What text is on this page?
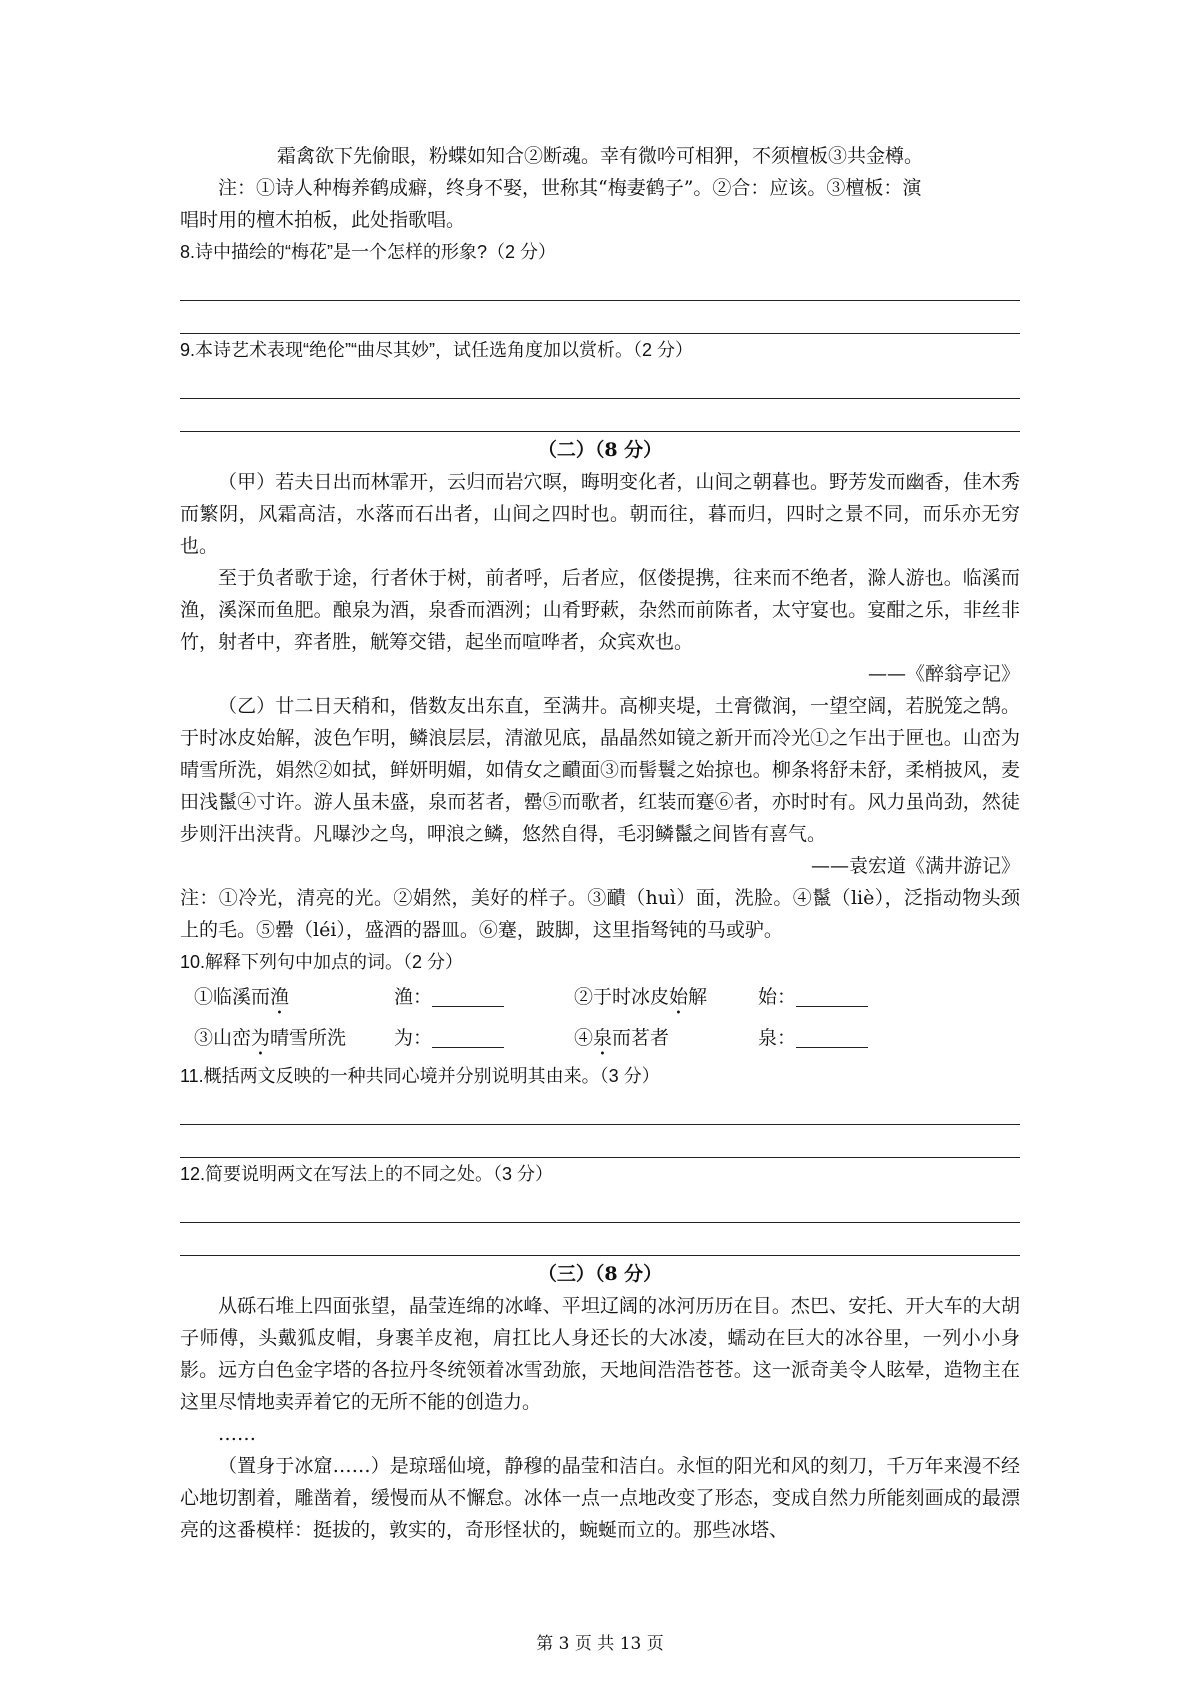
霜禽欲下先偷眼，粉蝶如知合②断魂。幸有微吟可相狎，不须檀板③共金樽。

注：①诗人种梅养鹤成癖，终身不娶，世称其“梅妻鹤子”。②合：应该。③檀板：演

唱时用的檀木拍板，此处指歌唱。

8.诗中描绘的“梅花”是一个怎样的形象?（2 分）

9.本诗艺术表现“绝伦”“曲尽其妙”，试任选角度加以赏析。（2 分）

（二）（8 分）

（甲）若夫日出而林霏开，云归而岩穴暝，晦明变化者，山间之朝暮也。野芳发而幽香，佳木秀而繁阴，风霜高洁，水落而石出者，山间之四时也。朝而往，暮而归，四时之景不同，而乐亦无穷也。

至于负者歌于途，行者休于树，前者呼，后者应，伛偻提携，往来而不绝者，滁人游也。临溪而渔，溪深而鱼肥。酿泉为酒，泉香而酒洌；山肴野蔌，杂然而前陈者，太守宴也。宴酣之乐，非丝非竹，射者中，弈者胜，觥筹交错，起坐而喧哗者，众宾欢也。

——《醉翁亭记》

（乙）廿二日天稍和，偕数友出东直，至满井。高柳夹堤，土膏微润，一望空阔，若脱笼之鹄。于时冰皮始解，波色乍明，鳞浪层层，清澈见底，晶晶然如镜之新开而冷光①之乍出于匣也。山峦为晴雪所洗，娟然②如拭，鲜妍明媚，如倩女之靧面③而髻鬟之始掠也。柳条将舒未舒，柔梢披风，麦田浅鬣④寸许。游人虽未盛，泉而茗者，罍⑤而歌者，红装而蹇⑥者，亦时时有。风力虽尚劲，然徒步则汗出浃背。凡曝沙之鸟，呷浪之鳞，悠然自得，毛羽鳞鬣之间皆有喜气。

——袁宏道《满井游记》

注：①冷光，清亮的光。②娟然，美好的样子。③靧（huì）面，洗脸。④鬣（liè），泛指动物头颈上的毛。⑤罍（léi），盛酒的器皿。⑥蹇，跛脚，这里指驽钝的马或驴。

10.解释下列句中加点的词。（2 分）

①临溪而渔	渔：	②于时冰皮始解	始：
③山峦为晴雪所洗	为：	④泉而茗者	泉：

11.概括两文反映的一种共同心境并分别说明其由来。（3 分）

12.简要说明两文在写法上的不同之处。（3 分）

（三）（8 分）

从砾石堆上四面张望，晶莹连绵的冰峰、平坦辽阔的冰河历历在目。杰巴、安托、开大车的大胡子师傅，头戴狐皮帽，身裹羊皮袍，肩扛比人身还长的大冰凌，蠕动在巨大的冰谷里，一列小小身影。远方白色金字塔的各拉丹冬统领着冰雪劲旅，天地间浩浩苍苍。这一派奇美令人眩晕，造物主在这里尽情地卖弄着它的无所不能的创造力。

……

（置身于冰窟……）是琼瑶仙境，静穆的晶莹和洁白。永恒的阳光和风的刻刀，千万年来漫不经心地切割着，雕凿着，缓慢而从不懈怠。冰体一点一点地改变了形态，变成自然力所能刻画成的最漂亮的这番模样：挺拔的，敦实的，奇形怪状的，蜿蜒而立的。那些冰塔、

第 3 页 共 13 页
